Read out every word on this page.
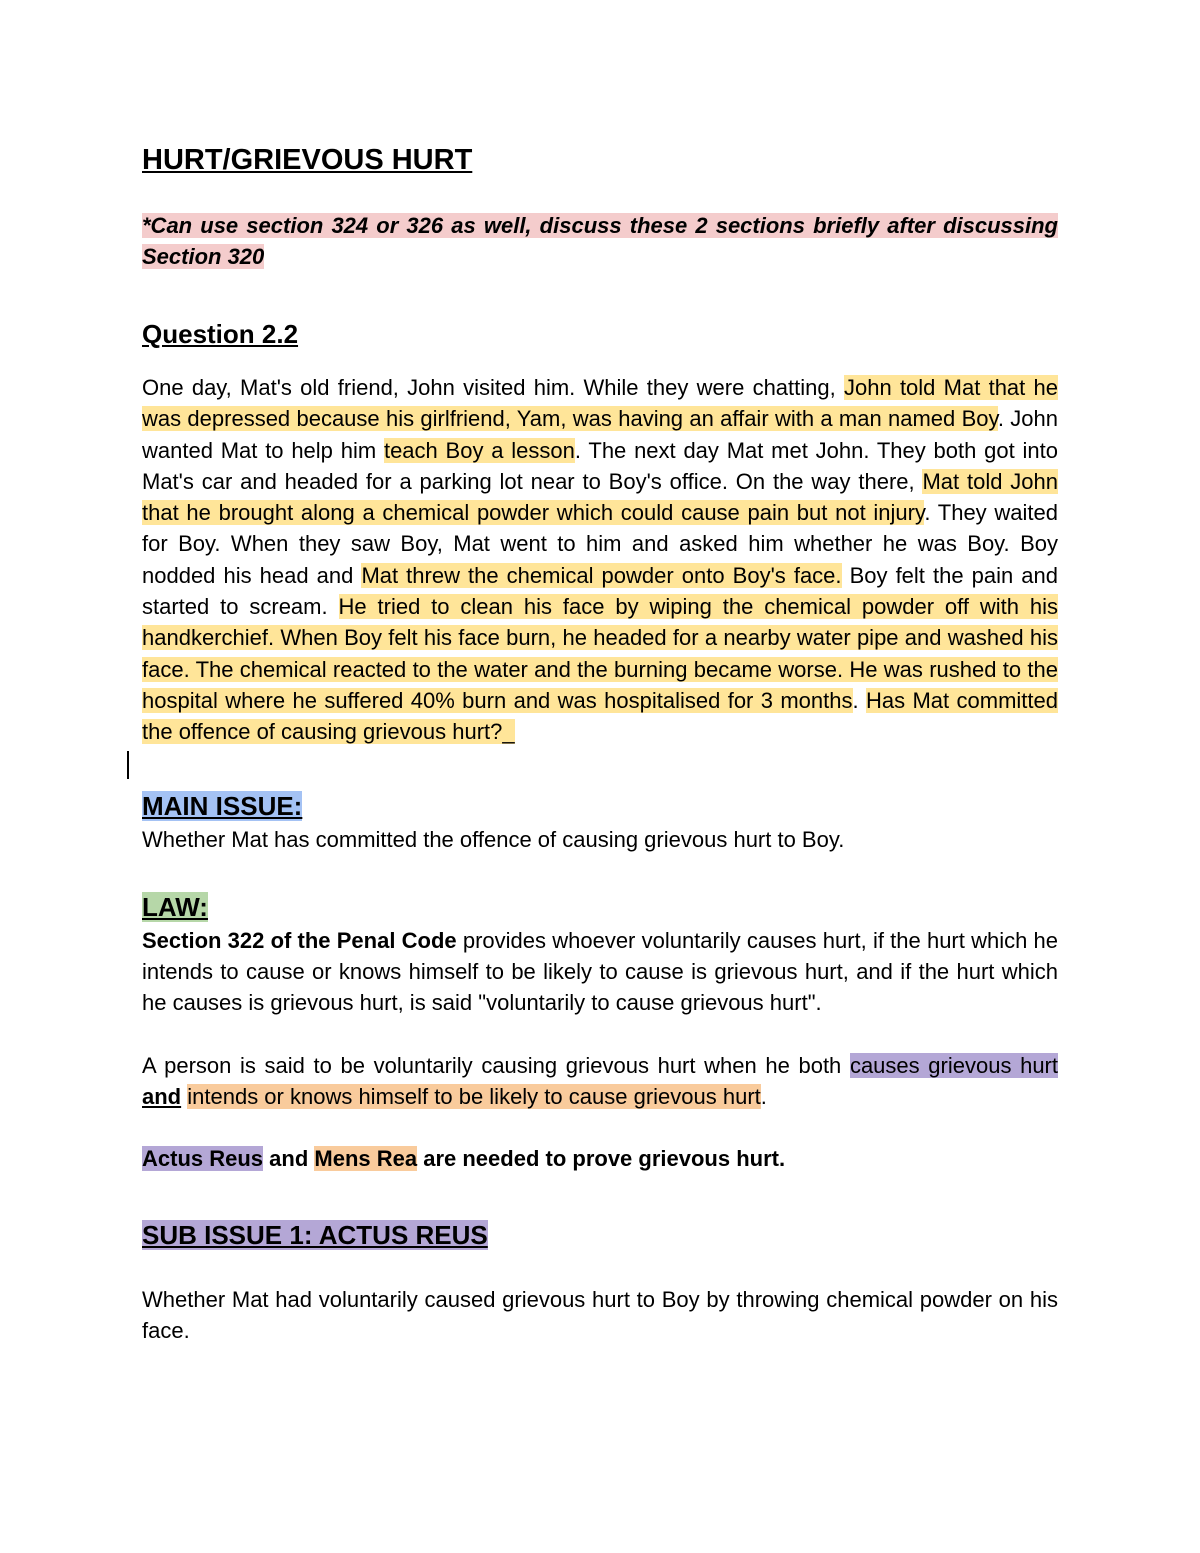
HURT/GRIEVOUS HURT

*Can use section 324 or 326 as well, discuss these 2 sections briefly after discussing Section 320

Question 2.2

One day, Mat's old friend, John visited him. While they were chatting, John told Mat that he was depressed because his girlfriend, Yam, was having an affair with a man named Boy. John wanted Mat to help him teach Boy a lesson. The next day Mat met John. They both got into Mat's car and headed for a parking lot near to Boy's office. On the way there, Mat told John that he brought along a chemical powder which could cause pain but not injury. They waited for Boy. When they saw Boy, Mat went to him and asked him whether he was Boy. Boy nodded his head and Mat threw the chemical powder onto Boy's face. Boy felt the pain and started to scream. He tried to clean his face by wiping the chemical powder off with his handkerchief. When Boy felt his face burn, he headed for a nearby water pipe and washed his face. The chemical reacted to the water and the burning became worse. He was rushed to the hospital where he suffered 40% burn and was hospitalised for 3 months. Has Mat committed the offence of causing grievous hurt?_

MAIN ISSUE:

Whether Mat has committed the offence of causing grievous hurt to Boy.

LAW:

Section 322 of the Penal Code provides whoever voluntarily causes hurt, if the hurt which he intends to cause or knows himself to be likely to cause is grievous hurt, and if the hurt which he causes is grievous hurt, is said "voluntarily to cause grievous hurt".

A person is said to be voluntarily causing grievous hurt when he both causes grievous hurt and intends or knows himself to be likely to cause grievous hurt.

Actus Reus and Mens Rea are needed to prove grievous hurt.

SUB ISSUE 1: ACTUS REUS

Whether Mat had voluntarily caused grievous hurt to Boy by throwing chemical powder on his face.
